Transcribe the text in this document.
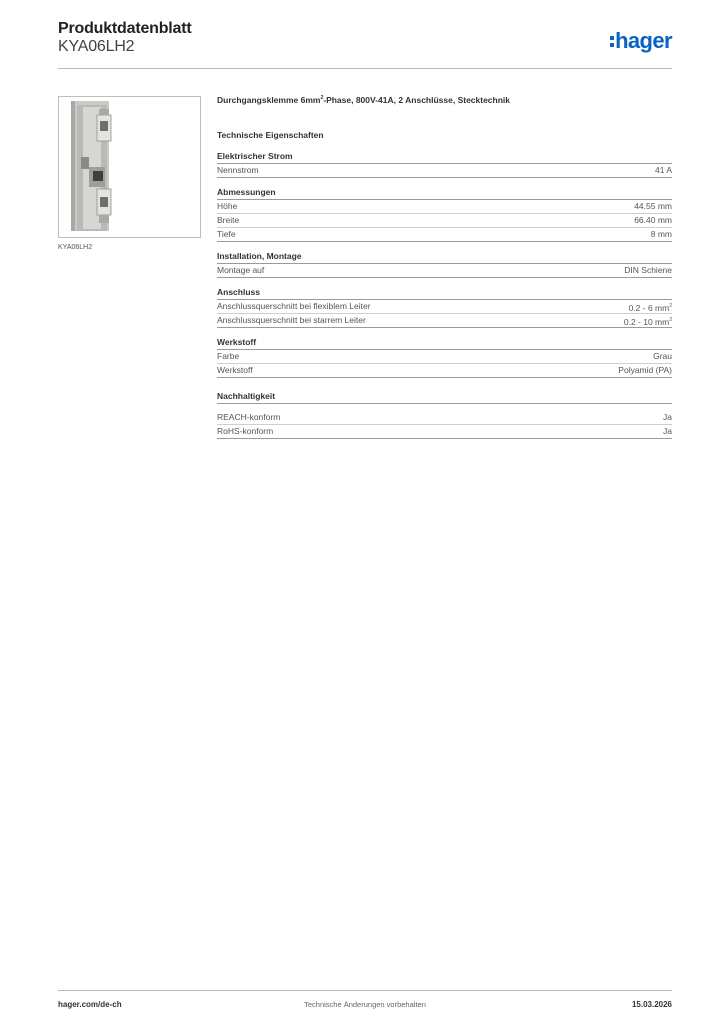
Produktdatenblatt
KYA06LH2	hager
KYA06LH2
Durchgangsklemme $6mm^2$-Phase, 800V-41A, 2 Anschlüsse, Stecktechnik
Technische Eigenschaften
Elektrischer Strom
Nennstrom	41 A
Abmessungen
Höhe	44.55 mm
Breite	66.40 mm
Tiefe	8 mm
Installation, Montage
Montage auf	DIN Schiene
Anschluss
Anschlussquerschnitt bei flexiblem Leiter	0.2 - 6 $mm^2$
Anschlussquerschnitt bei starrem Leiter	0.2 - 10 $mm^2$
Werkstoff
Farbe	Grau
Werkstoff	Polyamid (PA)
Nachhaltigkeit
REACH-konform	Ja
RoHS-konform	Ja
hager.com/de-ch	Technische Änderungen vorbehalten	15.03.2026
